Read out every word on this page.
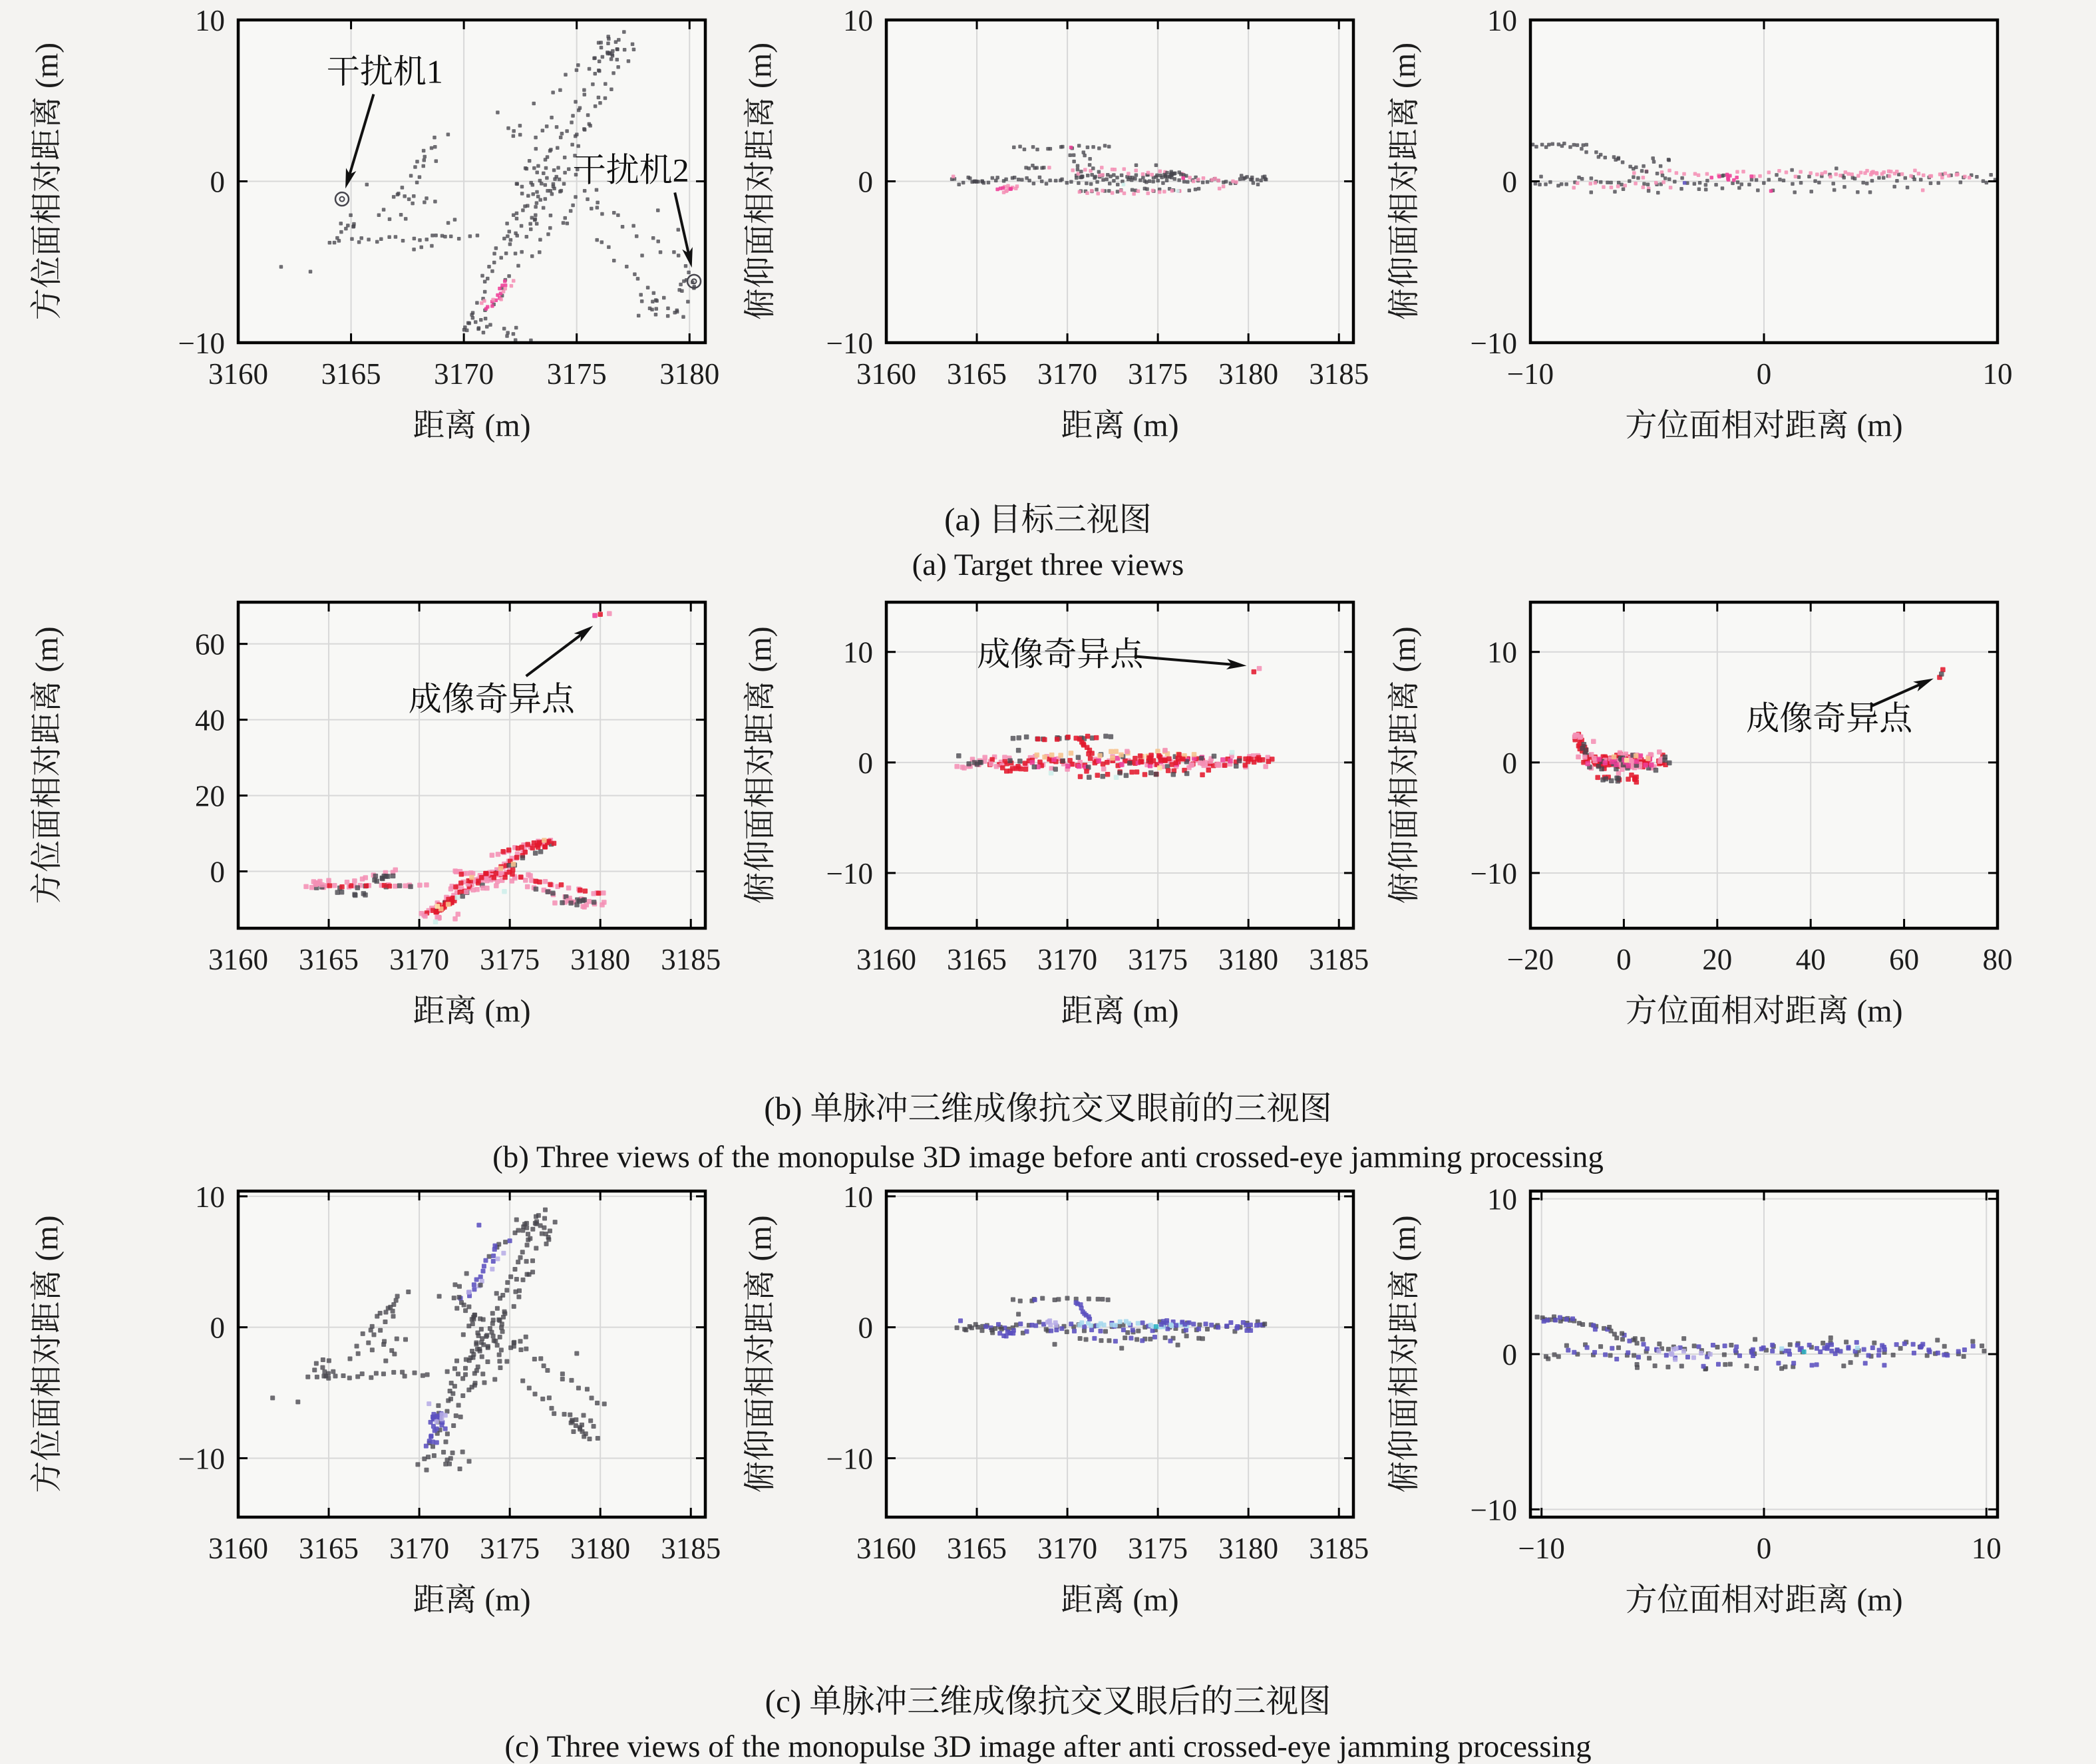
3160 3165 3170 3175 3180
−10
0
10
距离 (m)
方位面相对距离 (m)	干扰机1
干扰机2
3160 3165 3170 3175 3180 3185
−10
0
10
距离 (m)
俯仰面相对距离 (m)
−10	0	10
−10
0
10
方位面相对距离 (m)
俯仰面相对距离 (m)
3160 3165 3170 3175 3180 3185
0
20
40
60
距离 (m)
方位面相对距离 (m)	成像奇异点
3160 3165 3170 3175 3180 3185
−10
0
10
距离 (m)
俯仰面相对距离 (m)	成像奇异点
−20 0 20 40 60 80
−10
0
10
方位面相对距离 (m)
俯仰面相对距离 (m)	成像奇异点
3160 3165 3170 3175 3180 3185
−10
0
10
距离 (m)
方位面相对距离 (m)
3160 3165 3170 3175 3180 3185
−10
0
10
距离 (m)
俯仰面相对距离 (m)
−10	0	10
−10
0
10
方位面相对距离 (m)
俯仰面相对距离 (m)
(a) 目标三视图
(a) Target three views
(b) 单脉冲三维成像抗交叉眼前的三视图
(b) Three views of the monopulse 3D image before anti crossed-eye jamming processing
(c) 单脉冲三维成像抗交叉眼后的三视图
(c) Three views of the monopulse 3D image after anti crossed-eye jamming processing
